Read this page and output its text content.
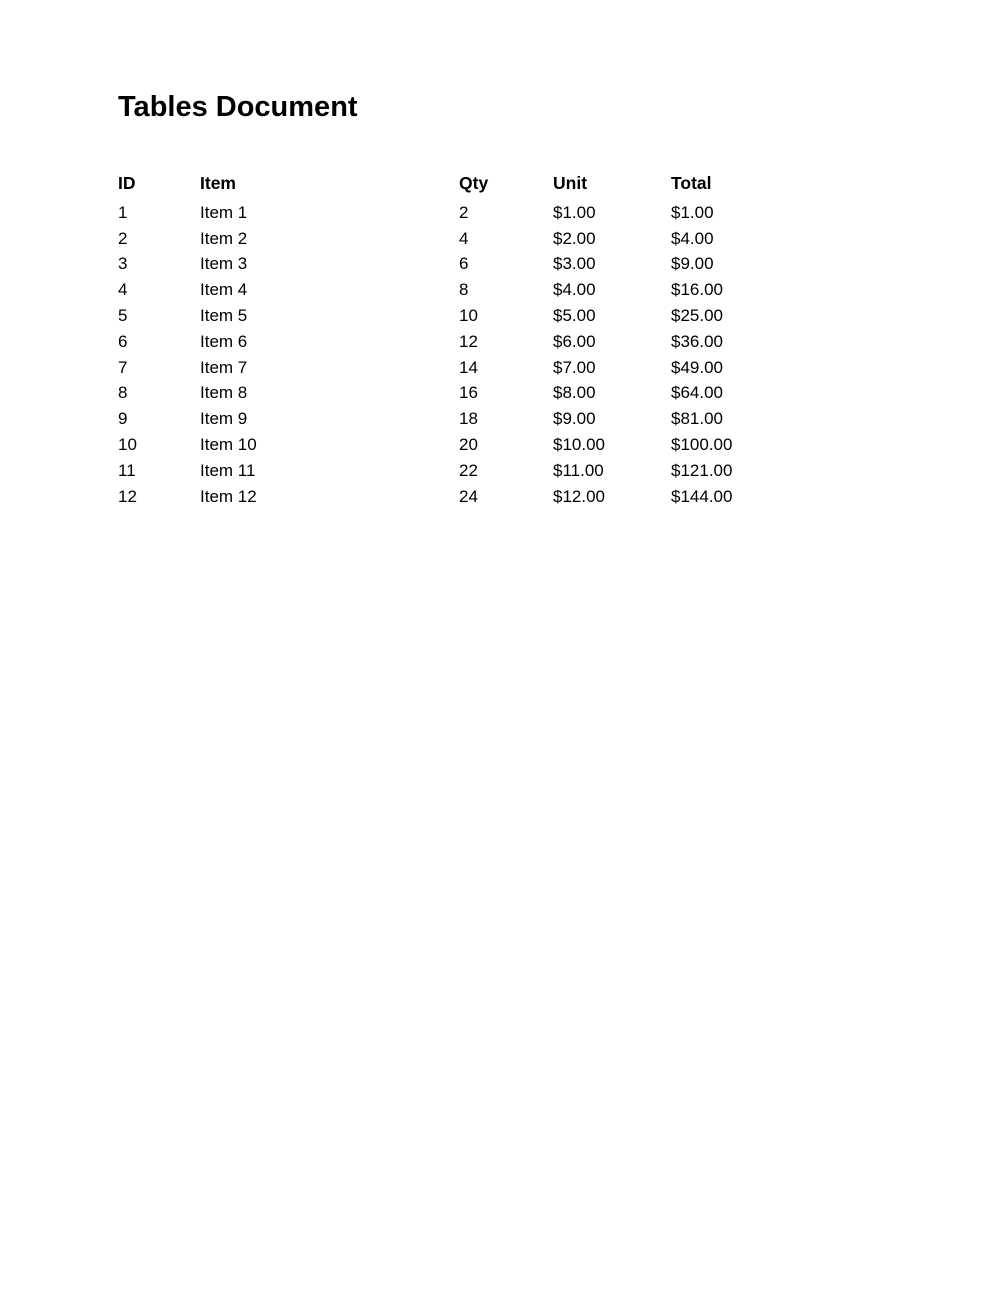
Tables Document
ID	Item	Qty	Unit	Total
1	Item 1	2	$1.00	$1.00
2	Item 2	4	$2.00	$4.00
3	Item 3	6	$3.00	$9.00
4	Item 4	8	$4.00	$16.00
5	Item 5	10	$5.00	$25.00
6	Item 6	12	$6.00	$36.00
7	Item 7	14	$7.00	$49.00
8	Item 8	16	$8.00	$64.00
9	Item 9	18	$9.00	$81.00
10	Item 10	20	$10.00	$100.00
11	Item 11	22	$11.00	$121.00
12	Item 12	24	$12.00	$144.00
